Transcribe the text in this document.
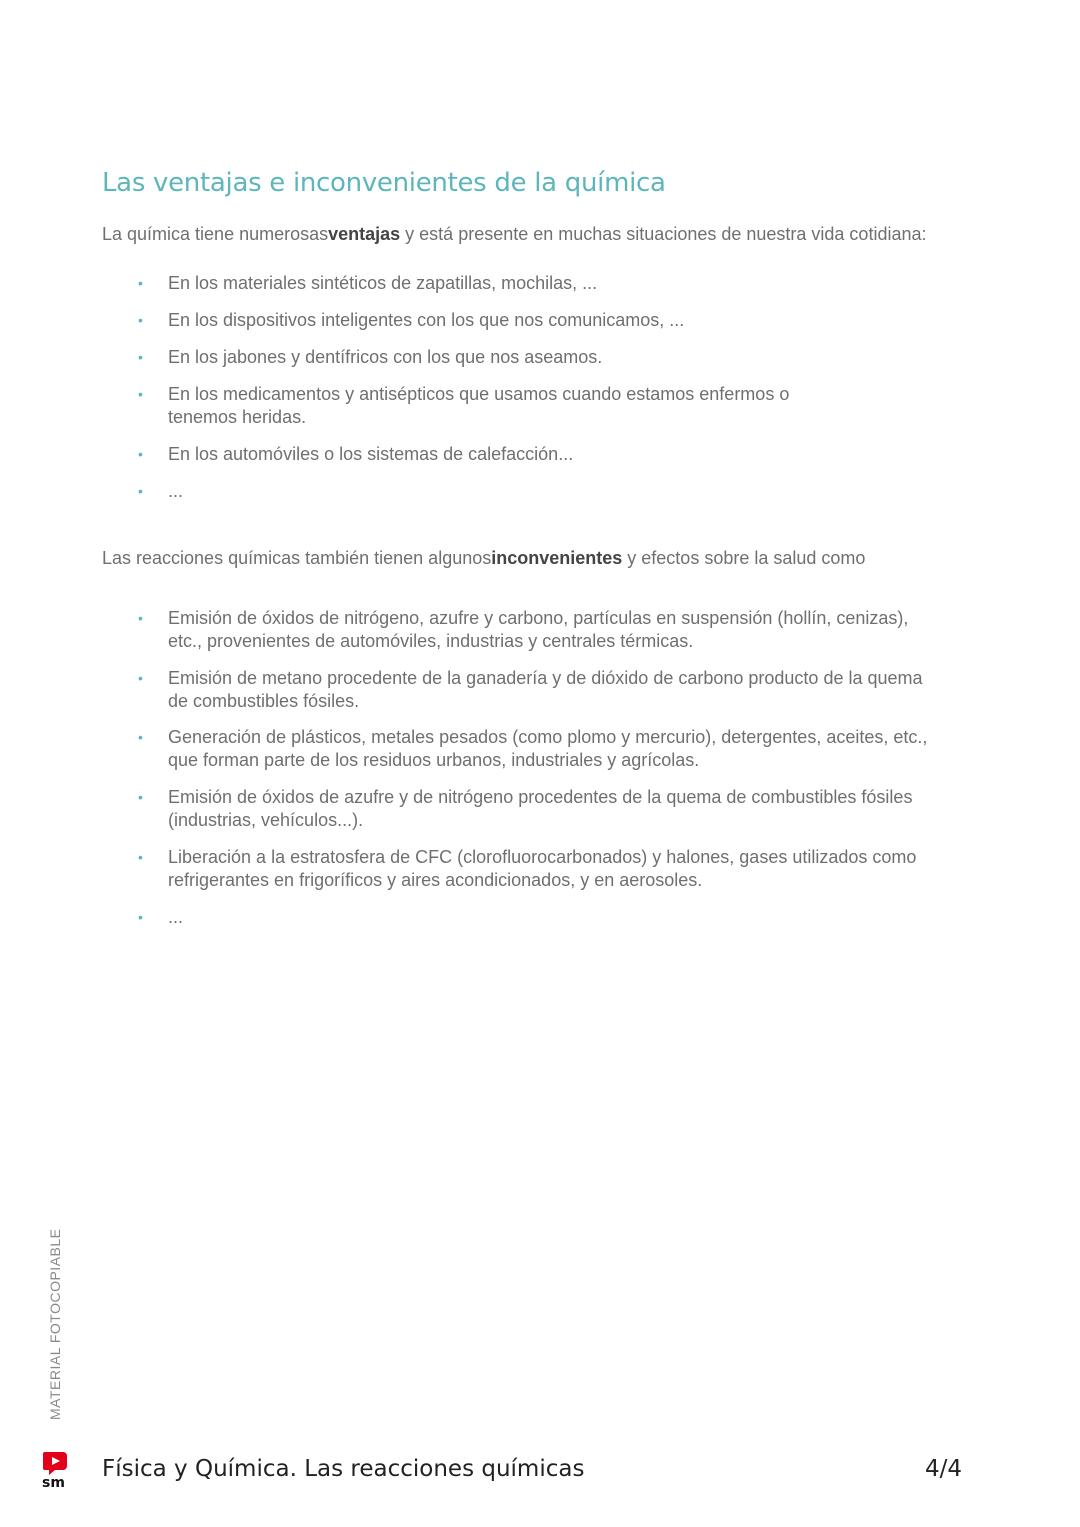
Las ventajas e inconvenientes de la química

La química tiene numerosasventajas y está presente en muchas situaciones de nuestra vida cotidiana:

• En los materiales sintéticos de zapatillas, mochilas, ...
• En los dispositivos inteligentes con los que nos comunicamos, ...
• En los jabones y dentífricos con los que nos aseamos.
• En los medicamentos y antisépticos que usamos cuando estamos enfermos o tenemos heridas.
• En los automóviles o los sistemas de calefacción...
• ...

Las reacciones químicas también tienen algunosinconvenientes y efectos sobre la salud como

• Emisión de óxidos de nitrógeno, azufre y carbono, partículas en suspensión (hollín, cenizas), etc., provenientes de automóviles, industrias y centrales térmicas.
• Emisión de metano procedente de la ganadería y de dióxido de carbono producto de la quema de combustibles fósiles.
• Generación de plásticos, metales pesados (como plomo y mercurio), detergentes, aceites, etc., que forman parte de los residuos urbanos, industriales y agrícolas.
• Emisión de óxidos de azufre y de nitrógeno procedentes de la quema de combustibles fósiles (industrias, vehículos...).
• Liberación a la estratosfera de CFC (clorofluorocarbonados) y halones, gases utilizados como refrigerantes en frigoríficos y aires acondicionados, y en aerosoles.
• ...
MATERIAL FOTOCOPIABLE
sm
Física y Química. Las reacciones químicas	4/4
